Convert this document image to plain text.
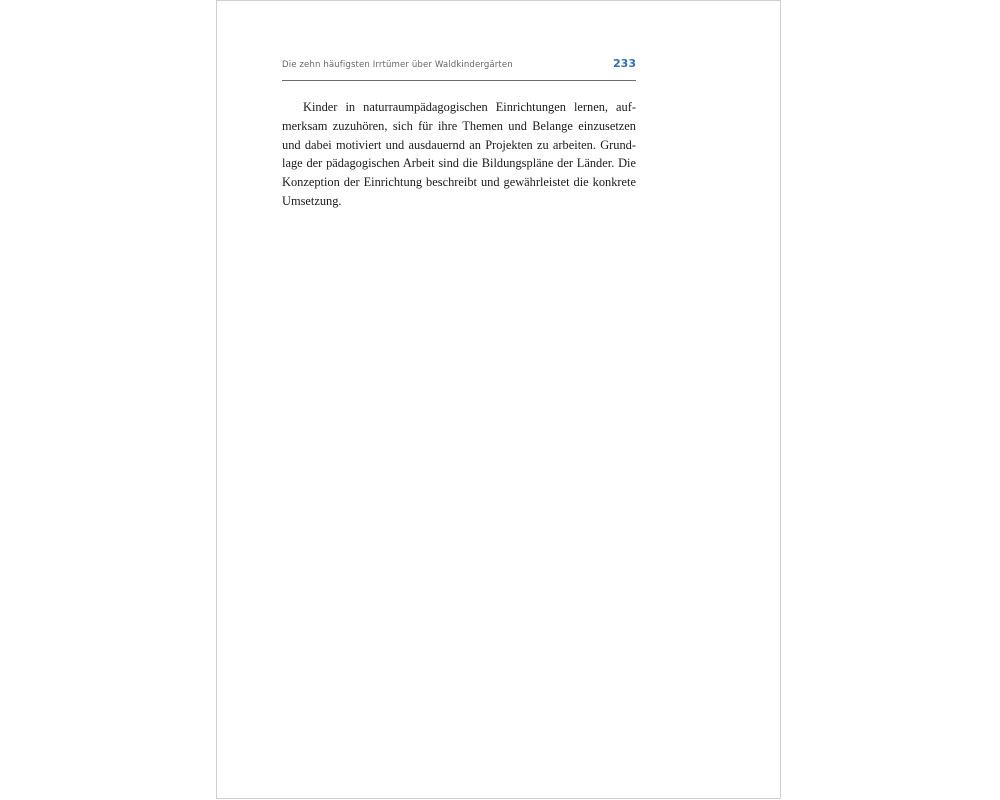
Die zehn häufigsten Irrtümer über Waldkindergärten	233

Kinder in naturraumpädagogischen Einrichtungen lernen, auf-
merksam zuzuhören, sich für ihre Themen und Belange einzusetzen
und dabei motiviert und ausdauernd an Projekten zu arbeiten. Grund-
lage der pädagogischen Arbeit sind die Bildungspläne der Länder. Die
Konzeption der Einrichtung beschreibt und gewährleistet die konkrete
Umsetzung.
